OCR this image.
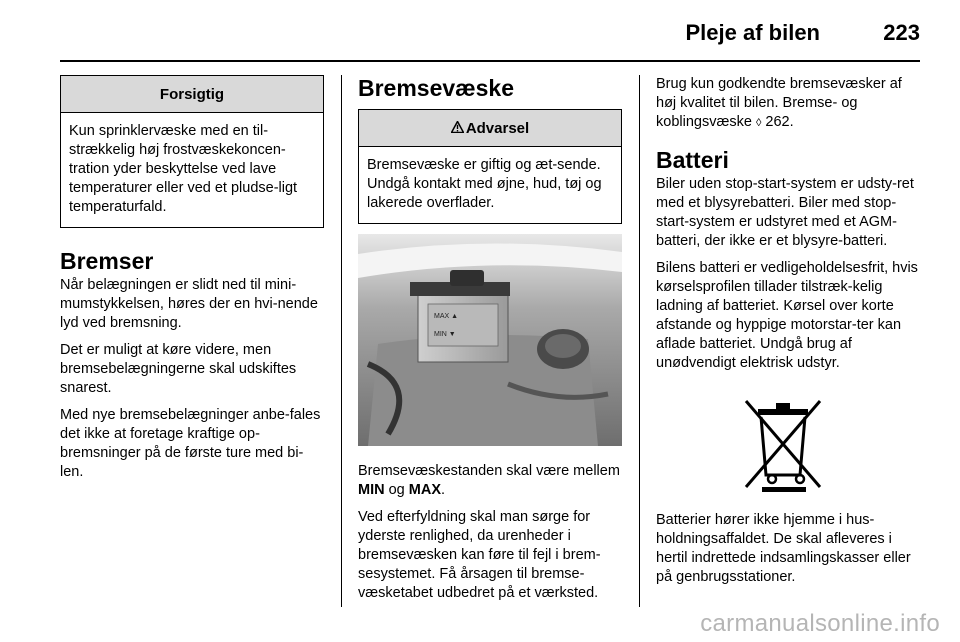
Pleje af bilen	223
Forsigtig
Kun sprinklervæske med en til-strækkelig høj frostvæskekoncen-tration yder beskyttelse ved lave temperaturer eller ved et pludse-ligt temperaturfald.
Bremser

Når belægningen er slidt ned til mini-mumstykkelsen, høres der en hvi-nende lyd ved bremsning.

Det er muligt at køre videre, men bremsebelægningerne skal udskiftes snarest.

Med nye bremsebelægninger anbe-fales det ikke at foretage kraftige op-bremsninger på de første ture med bi-len.

Bremsevæske
Advarsel
Bremsevæske er giftig og æt-sende. Undgå kontakt med øjne, hud, tøj og lakerede overflader.
MAX ▲
MIN ▼

Bremsevæskestanden skal være mellem MIN og MAX.

Ved efterfyldning skal man sørge for yderste renlighed, da urenheder i bremsevæsken kan føre til fejl i brem-sesystemet. Få årsagen til bremse-væsketabet udbedret på et værksted.

Brug kun godkendte bremsevæsker af høj kvalitet til bilen. Bremse- og koblingsvæske ◊ 262.

Batteri

Biler uden stop-start-system er udsty-ret med et blysyrebatteri. Biler med stop-start-system er udstyret med et AGM-batteri, der ikke er et blysyre-batteri.

Bilens batteri er vedligeholdelsesfrit, hvis kørselsprofilen tillader tilstræk-kelig ladning af batteriet. Kørsel over korte afstande og hyppige motorstar-ter kan aflade batteriet. Undgå brug af unødvendigt elektrisk udstyr.

Batterier hører ikke hjemme i hus-holdningsaffaldet. De skal afleveres i hertil indrettede indsamlingskasser eller på genbrugsstationer.

carmanualsonline.info
